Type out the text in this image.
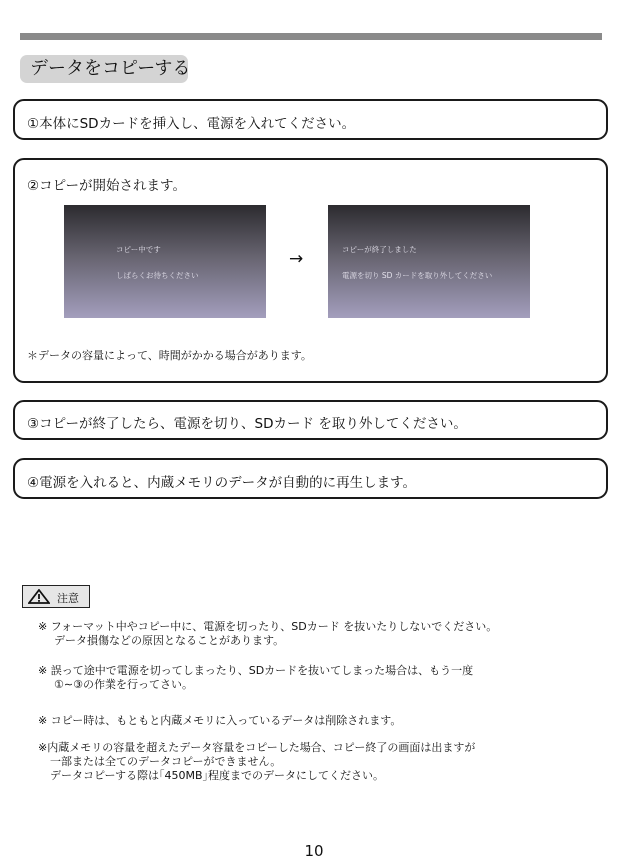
データをコピーする
①本体にSDカードを挿入し、電源を入れてください。
②コピーが開始されます。
コピー中です
しばらくお待ちください
→	コピーが終了しました
電源を切り SD カードを取り外してください
＊データの容量によって、時間がかかる場合があります。
③コピーが終了したら、電源を切り、SDカード を取り外してください。
④電源を入れると、内蔵メモリのデータが自動的に再生します。
注意
※ フォーマット中やコピー中に、電源を切ったり、SDカード を抜いたりしないでください。
データ損傷などの原因となることがあります。
※ 誤って途中で電源を切ってしまったり、SDカードを抜いてしまった場合は、もう一度
①∼③の作業を行ってさい。
※ コピー時は、もともと内蔵メモリに入っているデータは削除されます。
※内蔵メモリの容量を超えたデータ容量をコピーした場合、コピー終了の画面は出ますが
一部または全てのデータコピーができません。
データコピーする際は｢450MB｣程度までのデータにしてください。
10
